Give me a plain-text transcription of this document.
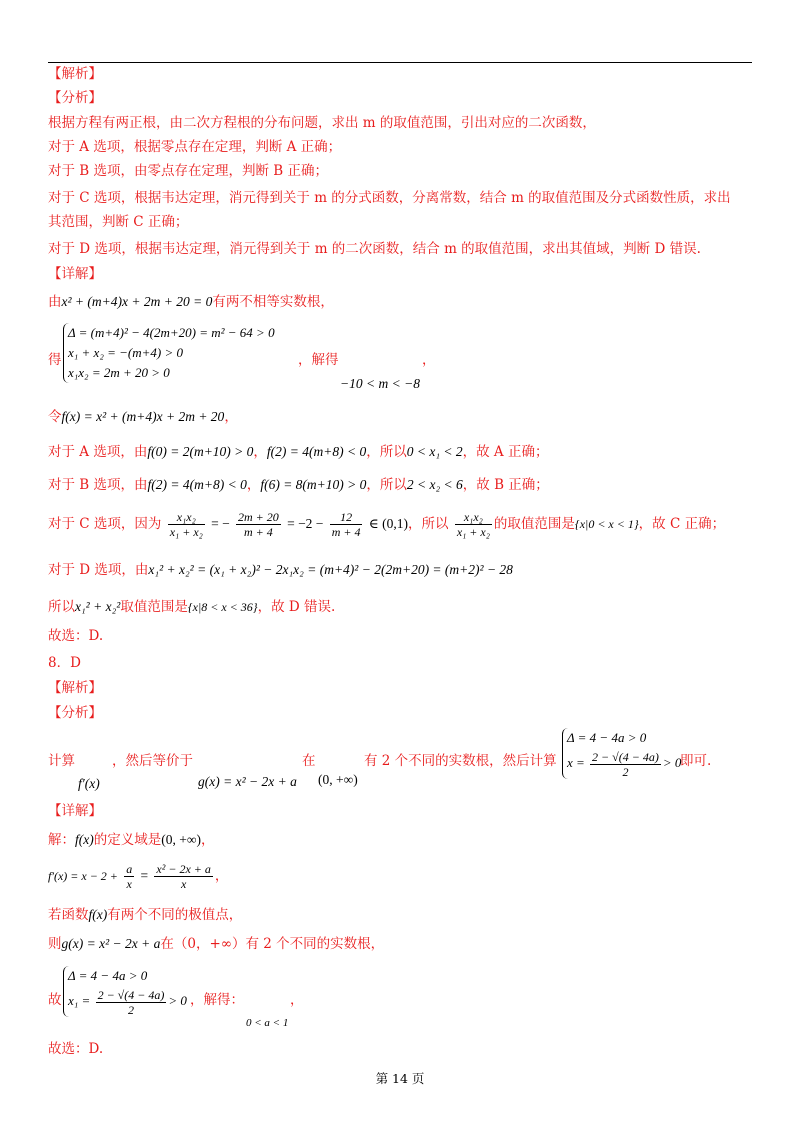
【解析】
【分析】
根据方程有两正根，由二次方程根的分布问题，求出 m 的取值范围，引出对应的二次函数，
对于 A 选项，根据零点存在定理，判断 A 正确；
对于 B 选项，由零点存在定理，判断 B 正确；
对于 C 选项，根据韦达定理，消元得到关于 m 的分式函数，分离常数，结合 m 的取值范围及分式函数性质，求出
其范围，判断 C 正确；
对于 D 选项，根据韦达定理，消元得到关于 m 的二次函数，结合 m 的取值范围，求出其值域，判断 D 错误.
【详解】
由x² + (m+4)x + 2m + 20 = 0有两不相等实数根，
得
Δ = (m+4)² − 4(2m+20) = m² − 64 > 0
x₁ + x₂ = −(m+4) > 0
x₁x₂ = 2m + 20 > 0
，解得	，
−10 < m < −8
令f(x) = x² + (m+4)x + 2m + 20，
对于 A 选项，由f(0) = 2(m+10) > 0，f(2) = 4(m+8) < 0，所以0 < x₁ < 2，故 A 正确；
对于 B 选项，由f(2) = 4(m+8) < 0，f(6) = 8(m+10) > 0，所以2 < x₂ < 6，故 B 正确；
对于 C 选项，因为 $\frac{\text{x₁x₂}}{\text{x₁ + x₂}}$ = − $\frac{2m + 20}{m + 4} = -2 - \frac{12}{m + 4}$ ∈ (0,1)，所以 $\frac{\text{x₁x₂}}{\text{x₁ + x₂}}$ 的取值范围是{x|0 < x < 1}，故 C 正确；
对于 D 选项，由x₁² + x₂² = (x₁ + x₂)² − 2x₁x₂ = (m+4)² − 2(2m+20) = (m+2)² − 28
所以x₁² + x₂²取值范围是{x|8 < x < 36}，故 D 错误.
故选：D.
8．D
【解析】
【分析】
计算
f′(x)
，然后等价于
g(x) = x² − 2x + a
在
(0, +∞)
有 2 个不同的实数根，然后计算
Δ = 4 − 4a > 0
$x = \frac{2 - √(4 - 4a)}{2} > 0$
即可.
【详解】
解：f(x)的定义域是(0, +∞)，
$f'(x) = x - 2 + \frac{a}{x} = \frac{\text{x² − 2x + a}}{x}$ ，
若函数f(x)有两个不同的极值点，
则g(x) = x² − 2x + a在（0，+∞）有 2 个不同的实数根，
故
Δ = 4 − 4a > 0
$x_1 = \frac{2 - √(4 - 4a)}{2} > 0$ ，解得：	，
0 < a < 1
故选：D.
第 14 页
